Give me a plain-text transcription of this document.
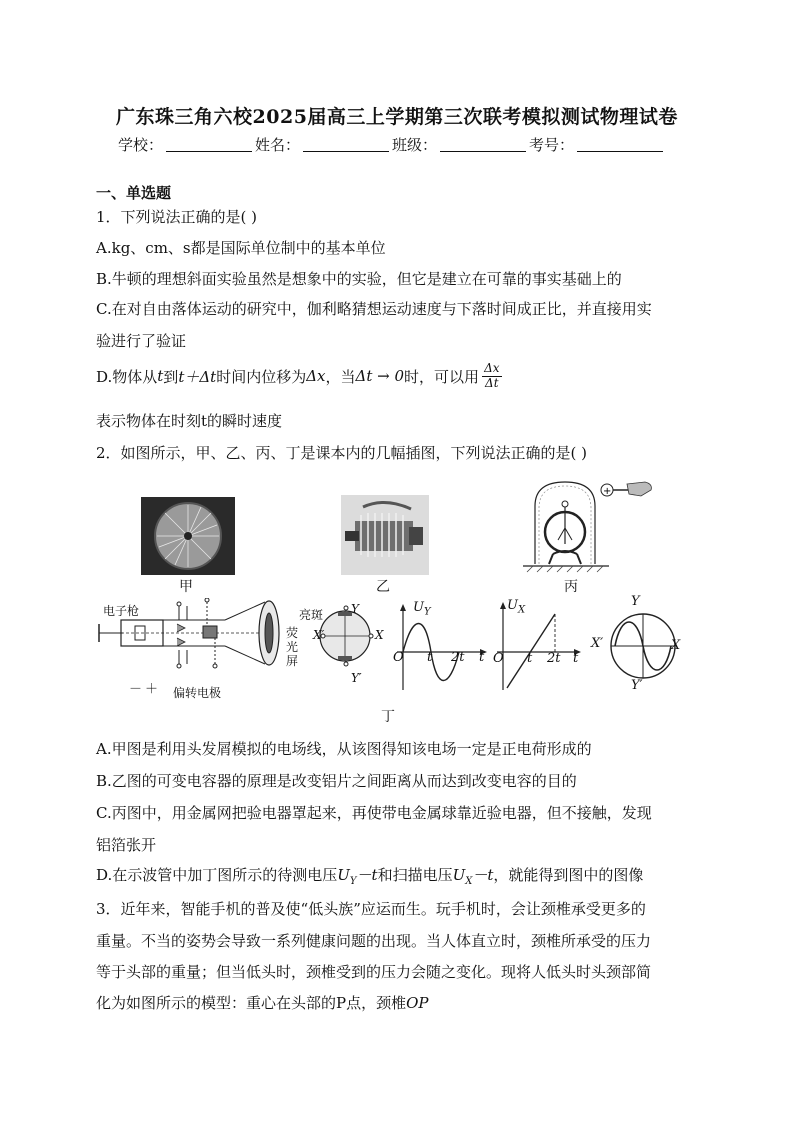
广东珠三角六校2025届高三上学期第三次联考模拟测试物理试卷
学校：	姓名：	班级：	考号：
一、单选题
1．下列说法正确的是( )
A.kg、cm、s都是国际单位制中的基本单位
B.牛顿的理想斜面实验虽然是想象中的实验，但它是建立在可靠的事实基础上的
C.在对自由落体运动的研究中，伽利略猜想运动速度与下落时间成正比，并直接用实
验进行了验证
D.物体从 t 到 t＋Δt 时间内位移为 Δx ，当 Δt → 0 时，可以用 $\frac{\Delta x}{\Delta t}$
表示物体在时刻t的瞬时速度
2．如图所示，甲、乙、丙、丁是课本内的几幅插图，下列说法正确的是( )
甲	乙
+
丙
电子枪
偏转电极
亮斑
荧光屏
－ ＋
Y
Y′
X′	X
$U_Y$
O t 2t t
$U_X$
O t 2t t
Y
Y′
X′	X
丁
A.甲图是利用头发屑模拟的电场线，从该图得知该电场一定是正电荷形成的
B.乙图的可变电容器的原理是改变铝片之间距离从而达到改变电容的目的
C.丙图中，用金属网把验电器罩起来，再使带电金属球靠近验电器，但不接触，发现
铝箔张开
D.在示波管中加丁图所示的待测电压$U_Y-t$和扫描电压$U_X-t$，就能得到图中的图像
3．近年来，智能手机的普及使“低头族”应运而生。玩手机时，会让颈椎承受更多的
重量。不当的姿势会导致一系列健康问题的出现。当人体直立时，颈椎所承受的压力
等于头部的重量；但当低头时，颈椎受到的压力会随之变化。现将人低头时头颈部简
化为如图所示的模型：重心在头部的P点，颈椎OP
